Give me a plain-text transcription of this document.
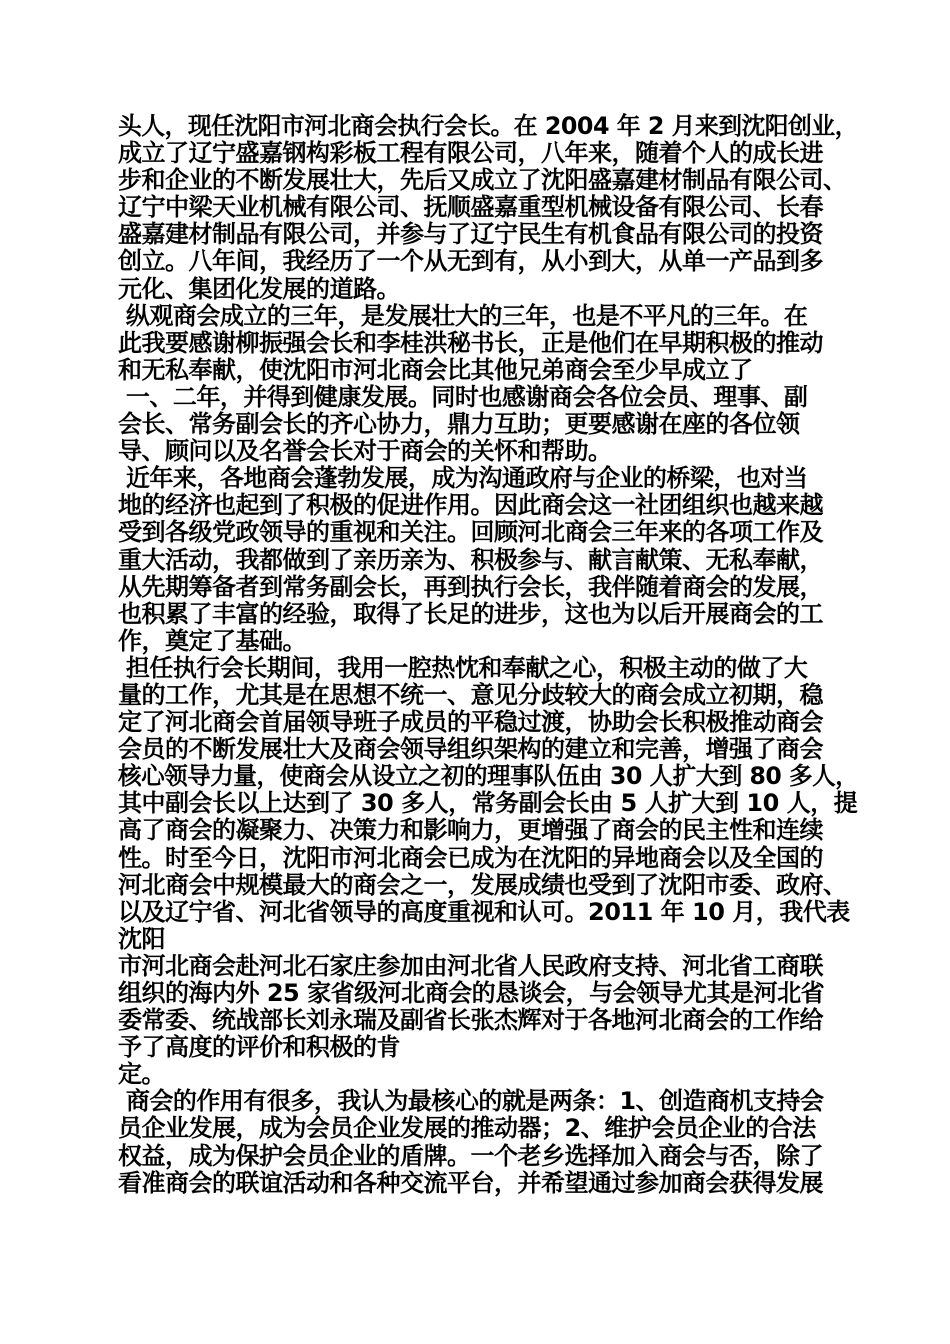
头人，现任沈阳市河北商会执行会长。在 2004 年 2 月来到沈阳创业，
成立了辽宁盛嘉钢构彩板工程有限公司，八年来，随着个人的成长进
步和企业的不断发展壮大，先后又成立了沈阳盛嘉建材制品有限公司、
辽宁中梁天业机械有限公司、抚顺盛嘉重型机械设备有限公司、长春
盛嘉建材制品有限公司，并参与了辽宁民生有机食品有限公司的投资
创立。八年间，我经历了一个从无到有，从小到大，从单一产品到多
元化、集团化发展的道路。
纵观商会成立的三年，是发展壮大的三年，也是不平凡的三年。在
此我要感谢柳振强会长和李桂洪秘书长，正是他们在早期积极的推动
和无私奉献，使沈阳市河北商会比其他兄弟商会至少早成立了
一、二年，并得到健康发展。同时也感谢商会各位会员、理事、副
会长、常务副会长的齐心协力，鼎力互助；更要感谢在座的各位领
导、顾问以及名誉会长对于商会的关怀和帮助。
近年来，各地商会蓬勃发展，成为沟通政府与企业的桥梁，也对当
地的经济也起到了积极的促进作用。因此商会这一社团组织也越来越
受到各级党政领导的重视和关注。回顾河北商会三年来的各项工作及
重大活动，我都做到了亲历亲为、积极参与、献言献策、无私奉献，
从先期筹备者到常务副会长，再到执行会长，我伴随着商会的发展，
也积累了丰富的经验，取得了长足的进步，这也为以后开展商会的工
作，奠定了基础。
担任执行会长期间，我用一腔热忱和奉献之心，积极主动的做了大
量的工作，尤其是在思想不统一、意见分歧较大的商会成立初期，稳
定了河北商会首届领导班子成员的平稳过渡，协助会长积极推动商会
会员的不断发展壮大及商会领导组织架构的建立和完善，增强了商会
核心领导力量，使商会从设立之初的理事队伍由 30 人扩大到 80 多人，
其中副会长以上达到了 30 多人，常务副会长由 5 人扩大到 10 人，提
高了商会的凝聚力、决策力和影响力，更增强了商会的民主性和连续
性。时至今日，沈阳市河北商会已成为在沈阳的异地商会以及全国的
河北商会中规模最大的商会之一，发展成绩也受到了沈阳市委、政府、
以及辽宁省、河北省领导的高度重视和认可。2011 年 10 月，我代表
沈阳
市河北商会赴河北石家庄参加由河北省人民政府支持、河北省工商联
组织的海内外 25 家省级河北商会的恳谈会，与会领导尤其是河北省
委常委、统战部长刘永瑞及副省长张杰辉对于各地河北商会的工作给
予了高度的评价和积极的肯
定。
商会的作用有很多，我认为最核心的就是两条：1、创造商机支持会
员企业发展，成为会员企业发展的推动器；2、维护会员企业的合法
权益，成为保护会员企业的盾牌。一个老乡选择加入商会与否，除了
看准商会的联谊活动和各种交流平台，并希望通过参加商会获得发展
